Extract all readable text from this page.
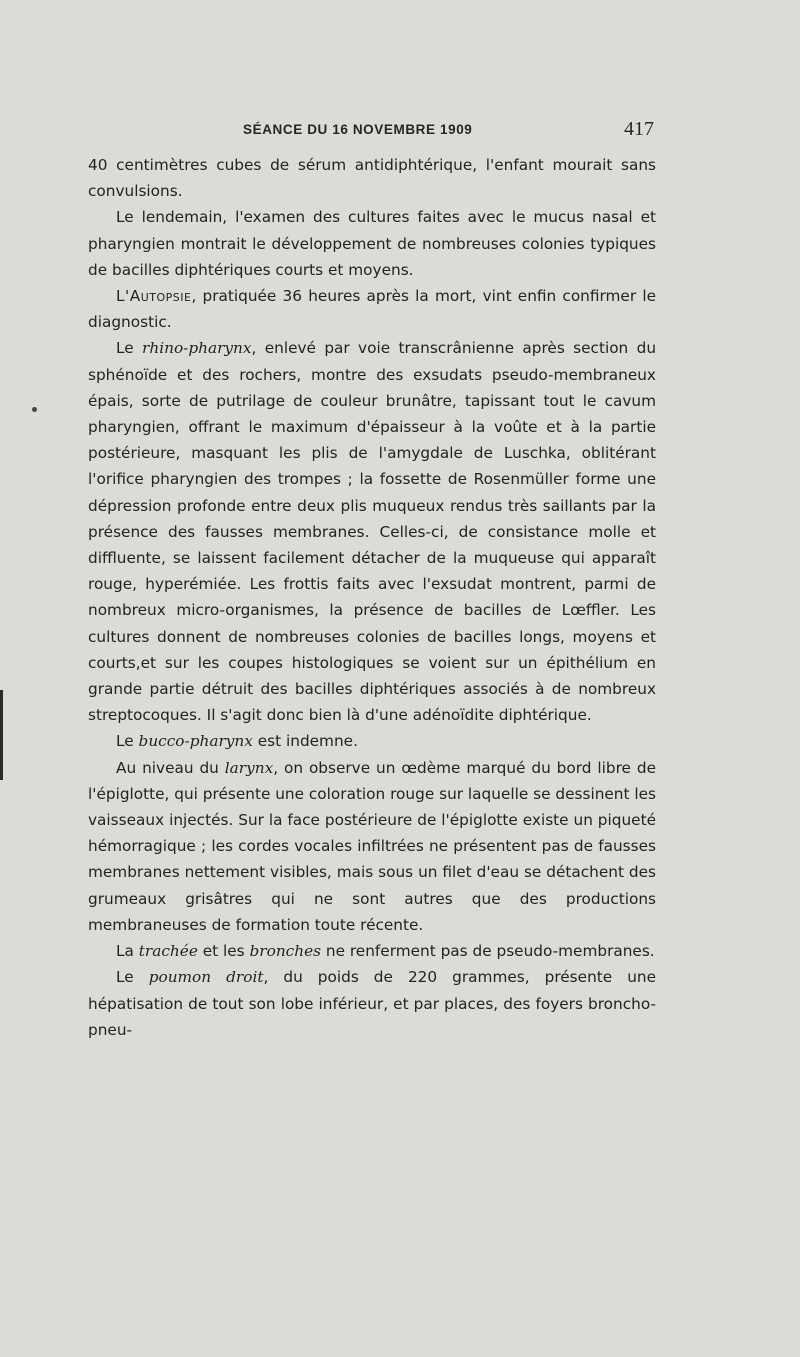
SÉANCE DU 16 NOVEMBRE 1909	417

40 centimètres cubes de sérum antidiphtérique, l'enfant mourait sans convulsions.

Le lendemain, l'examen des cultures faites avec le mucus nasal et pharyngien montrait le développement de nombreuses colonies typiques de bacilles diphtériques courts et moyens.

L'Autopsie, pratiquée 36 heures après la mort, vint enfin confirmer le diagnostic.

Le rhino-pharynx, enlevé par voie transcrânienne après section du sphénoïde et des rochers, montre des exsudats pseudo-membraneux épais, sorte de putrilage de couleur brunâtre, tapissant tout le cavum pharyngien, offrant le maximum d'épaisseur à la voûte et à la partie postérieure, masquant les plis de l'amygdale de Luschka, oblitérant l'orifice pharyngien des trompes ; la fossette de Rosenmüller forme une dépression profonde entre deux plis muqueux rendus très saillants par la présence des fausses membranes. Celles-ci, de consistance molle et diffluente, se laissent facilement détacher de la muqueuse qui apparaît rouge, hyperémiée. Les frottis faits avec l'exsudat montrent, parmi de nombreux micro-organismes, la présence de bacilles de Lœffler. Les cultures donnent de nombreuses colonies de bacilles longs, moyens et courts,et sur les coupes histologiques se voient sur un épithélium en grande partie détruit des bacilles diphtériques associés à de nombreux streptocoques. Il s'agit donc bien là d'une adénoïdite diphtérique.

Le bucco-pharynx est indemne.

Au niveau du larynx, on observe un œdème marqué du bord libre de l'épiglotte, qui présente une coloration rouge sur laquelle se dessinent les vaisseaux injectés. Sur la face postérieure de l'épiglotte existe un piqueté hémorragique ; les cordes vocales infiltrées ne présentent pas de fausses membranes nettement visibles, mais sous un filet d'eau se détachent des grumeaux grisâtres qui ne sont autres que des productions membraneuses de formation toute récente.

La trachée et les bronches ne renferment pas de pseudo-membranes.

Le poumon droit, du poids de 220 grammes, présente une hépatisation de tout son lobe inférieur, et par places, des foyers broncho-pneu-
